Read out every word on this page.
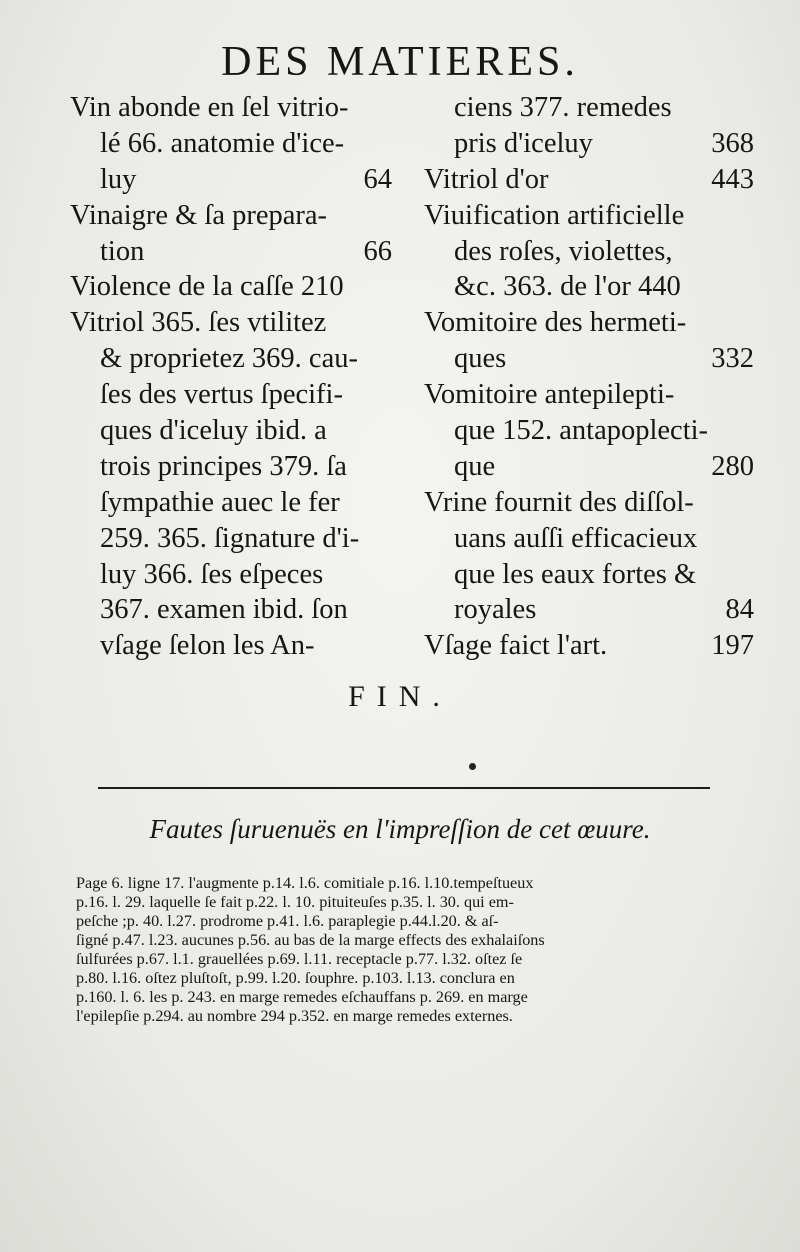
DES MATIERES.
Vin abonde en ſel vitrio-
lé 66. anatomie d'ice-
luy	64
Vinaigre & ſa prepara-
tion	66
Violence de la caſſe 210
Vitriol 365. ſes vtilitez
& proprietez 369. cau-
ſes des vertus ſpecifi-
ques d'iceluy ibid. a
trois principes 379. ſa
ſympathie auec le fer
259. 365. ſignature d'i-
luy 366. ſes eſpeces
367. examen ibid. ſon
vſage ſelon les An-
ciens 377. remedes
pris d'iceluy	368
Vitriol d'or	443
Viuification artificielle
des roſes, violettes,
&c. 363. de l'or 440
Vomitoire des hermeti-
ques	332
Vomitoire antepilepti-
que 152. antapoplecti-
que	280
Vrine fournit des diſſol-
uans auſſi efficacieux
que les eaux fortes &
royales	84
Vſage faict l'art.	197
FIN.
Fautes ſuruenuës en l'impreſſion de cet œuure.
Page 6. ligne 17. l'augmente p.14. l.6. comitiale p.16. l.10.tempeſtueux
p.16. l. 29. laquelle ſe fait p.22. l. 10. pituiteuſes p.35. l. 30. qui em-
peſche ;p. 40. l.27. prodrome p.41. l.6. paraplegie p.44.l.20. & aſ-
ſigné p.47. l.23. aucunes p.56. au bas de la marge effects des exhalaiſons
ſulfurées p.67. l.1. grauellées p.69. l.11. receptacle p.77. l.32. oſtez ſe
p.80. l.16. oſtez pluſtoſt, p.99. l.20. ſouphre. p.103. l.13. conclura en
p.160. l. 6. les p. 243. en marge remedes eſchauffans p. 269. en marge
l'epilepſie p.294. au nombre 294 p.352. en marge remedes externes.
